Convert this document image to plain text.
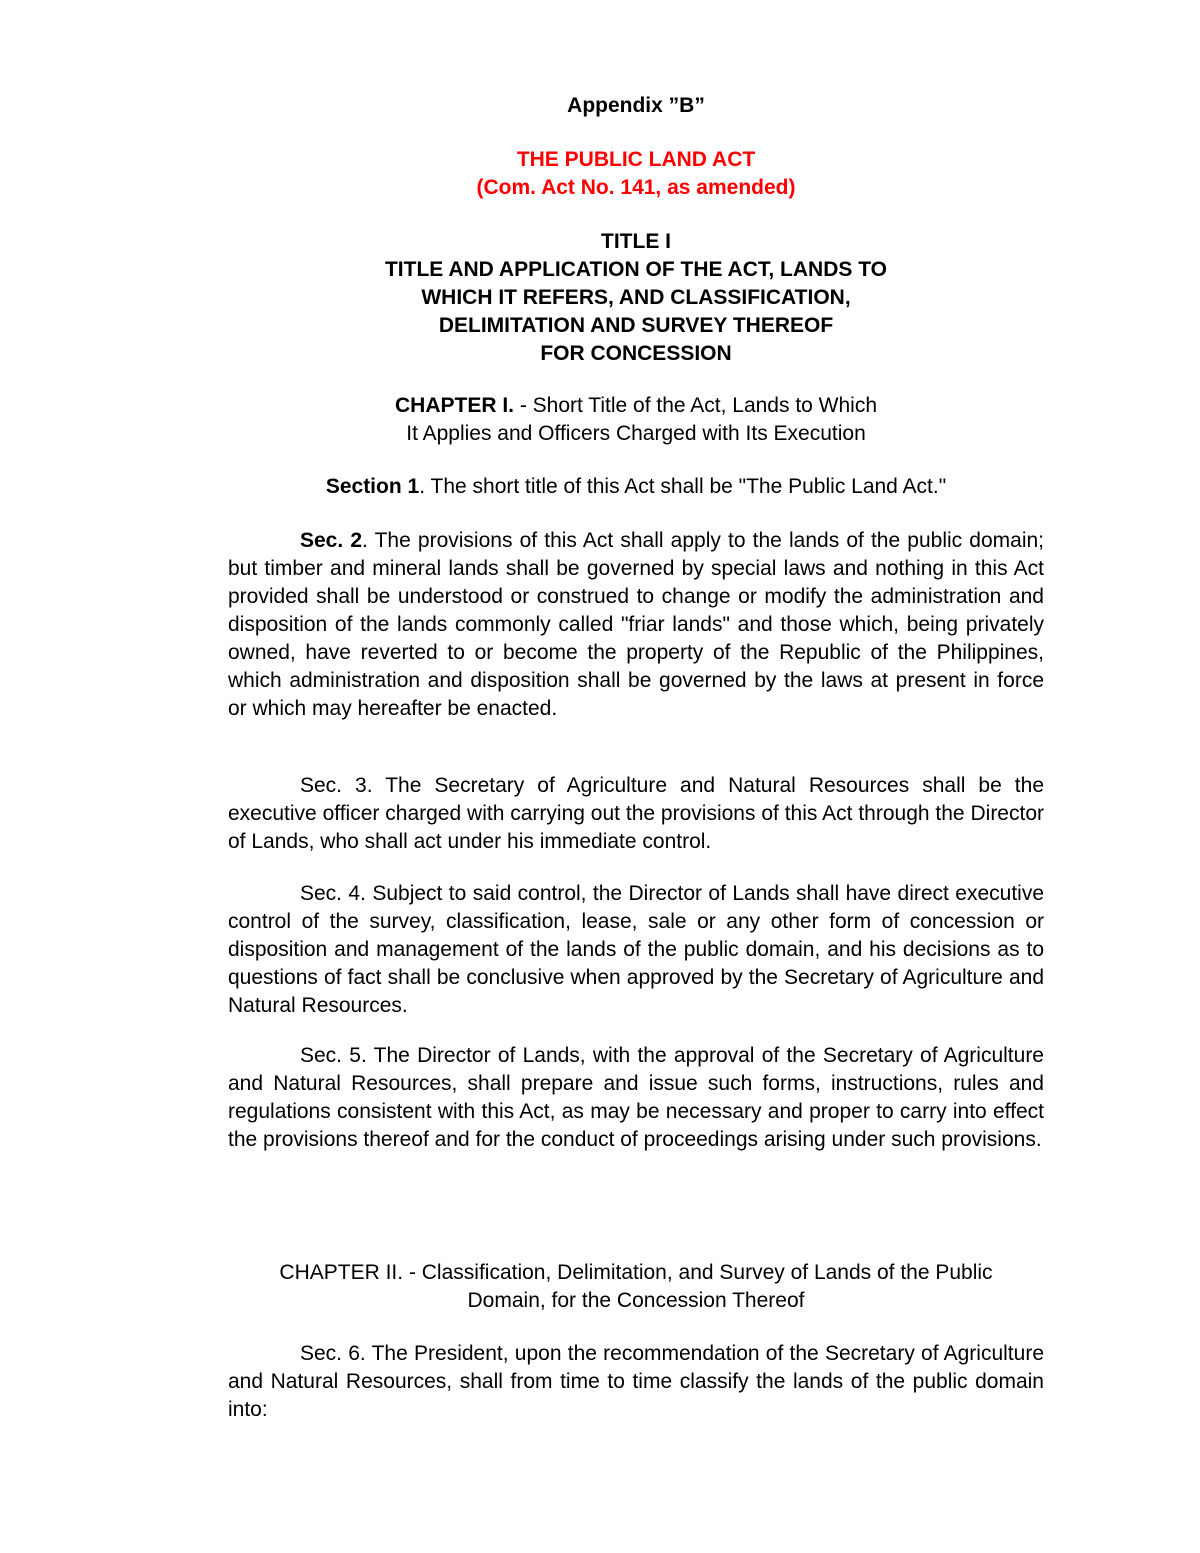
Appendix ”B”
THE PUBLIC LAND ACT
(Com. Act No. 141, as amended)
TITLE I
TITLE AND APPLICATION OF THE ACT, LANDS TO
WHICH IT REFERS, AND CLASSIFICATION,
DELIMITATION AND SURVEY THEREOF
FOR CONCESSION
CHAPTER I. - Short Title of the Act, Lands to Which
It Applies and Officers Charged with Its Execution
Section 1. The short title of this Act shall be "The Public Land Act."
Sec. 2. The provisions of this Act shall apply to the lands of the public domain; but timber and mineral lands shall be governed by special laws and nothing in this Act provided shall be understood or construed to change or modify the administration and disposition of the lands commonly called "friar lands" and those which, being privately owned, have reverted to or become the property of the Republic of the Philippines, which administration and disposition shall be governed by the laws at present in force or which may hereafter be enacted.
Sec. 3. The Secretary of Agriculture and Natural Resources shall be the executive officer charged with carrying out the provisions of this Act through the Director of Lands, who shall act under his immediate control.
Sec. 4. Subject to said control, the Director of Lands shall have direct executive control of the survey, classification, lease, sale or any other form of concession or disposition and management of the lands of the public domain, and his decisions as to questions of fact shall be conclusive when approved by the Secretary of Agriculture and Natural Resources.
Sec. 5. The Director of Lands, with the approval of the Secretary of Agriculture and Natural Resources, shall prepare and issue such forms, instructions, rules and regulations consistent with this Act, as may be necessary and proper to carry into effect the provisions thereof and for the conduct of proceedings arising under such provisions.
CHAPTER II. - Classification, Delimitation, and Survey of Lands of the Public
Domain, for the Concession Thereof
Sec. 6. The President, upon the recommendation of the Secretary of Agriculture and Natural Resources, shall from time to time classify the lands of the public domain into:
